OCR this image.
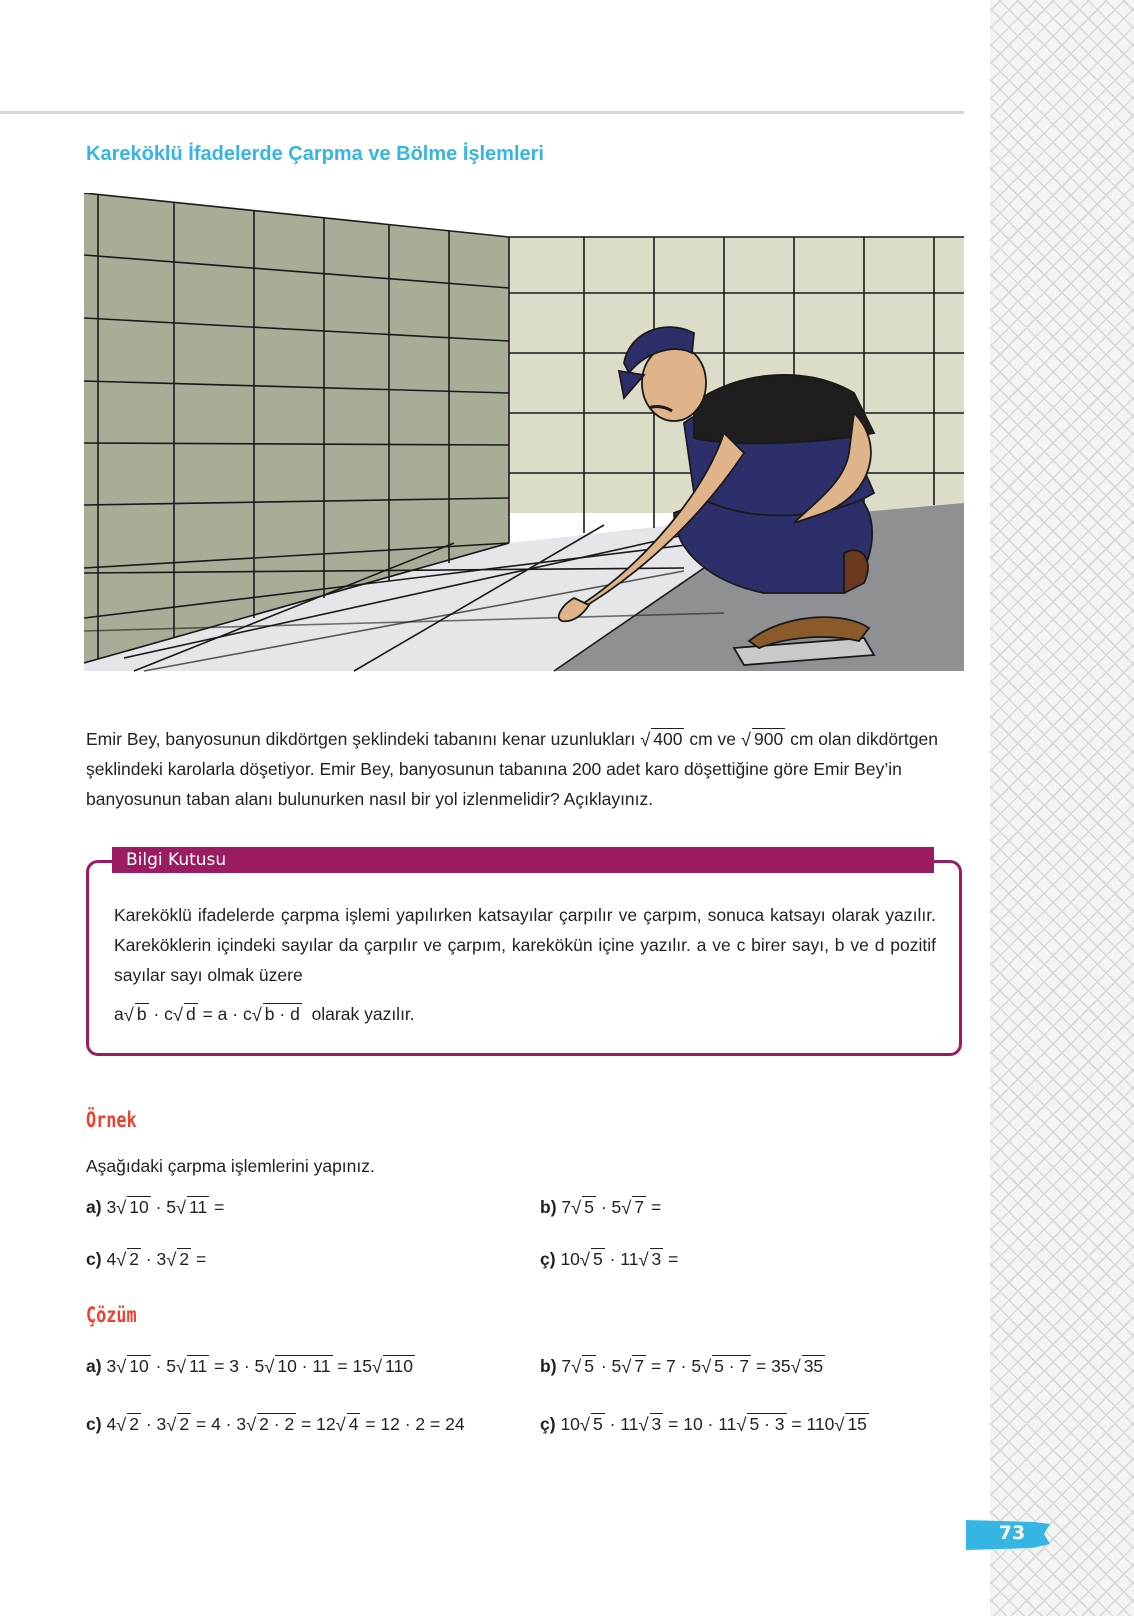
Kareköklü İfadelerde Çarpma ve Bölme İşlemleri
Emir Bey, banyosunun dikdörtgen şeklindeki tabanını kenar uzunlukları √ 400 cm ve √ 900 cm olan dikdörtgen şeklindeki karolarla döşetiyor. Emir Bey, banyosunun tabanına 200 adet karo döşettiğine göre Emir Bey’in banyosunun taban alanı bulunurken nasıl bir yol izlenmelidir? Açıklayınız.
Bilgi Kutusu
Kareköklü ifadelerde çarpma işlemi yapılırken katsayılar çarpılır ve çarpım, sonuca katsayı olarak yazılır. Kareköklerin içindeki sayılar da çarpılır ve çarpım, karekökün içine yazılır. a ve c birer sayı, b ve d pozitif sayılar sayı olmak üzere
a√ b · c√ d = a · c√ b · d olarak yazılır.
Örnek
Aşağıdaki çarpma işlemlerini yapınız.
a) 3√ 10 · 5√ 11 =	b) 7√ 5 · 5√ 7 =
c) 4√ 2 · 3√ 2 =	ç) 10√ 5 · 11√ 3 =
Çözüm
a) 3√ 10 · 5√ 11 = 3 · 5√ 10 · 11 = 15√ 110	b) 7√ 5 · 5√ 7 = 7 · 5√ 5 · 7 = 35√ 35
c) 4√ 2 · 3√ 2 = 4 · 3√ 2 · 2 = 12√ 4 = 12 · 2 = 24	ç) 10√ 5 · 11√ 3 = 10 · 11√ 5 · 3 = 110√ 15
73
